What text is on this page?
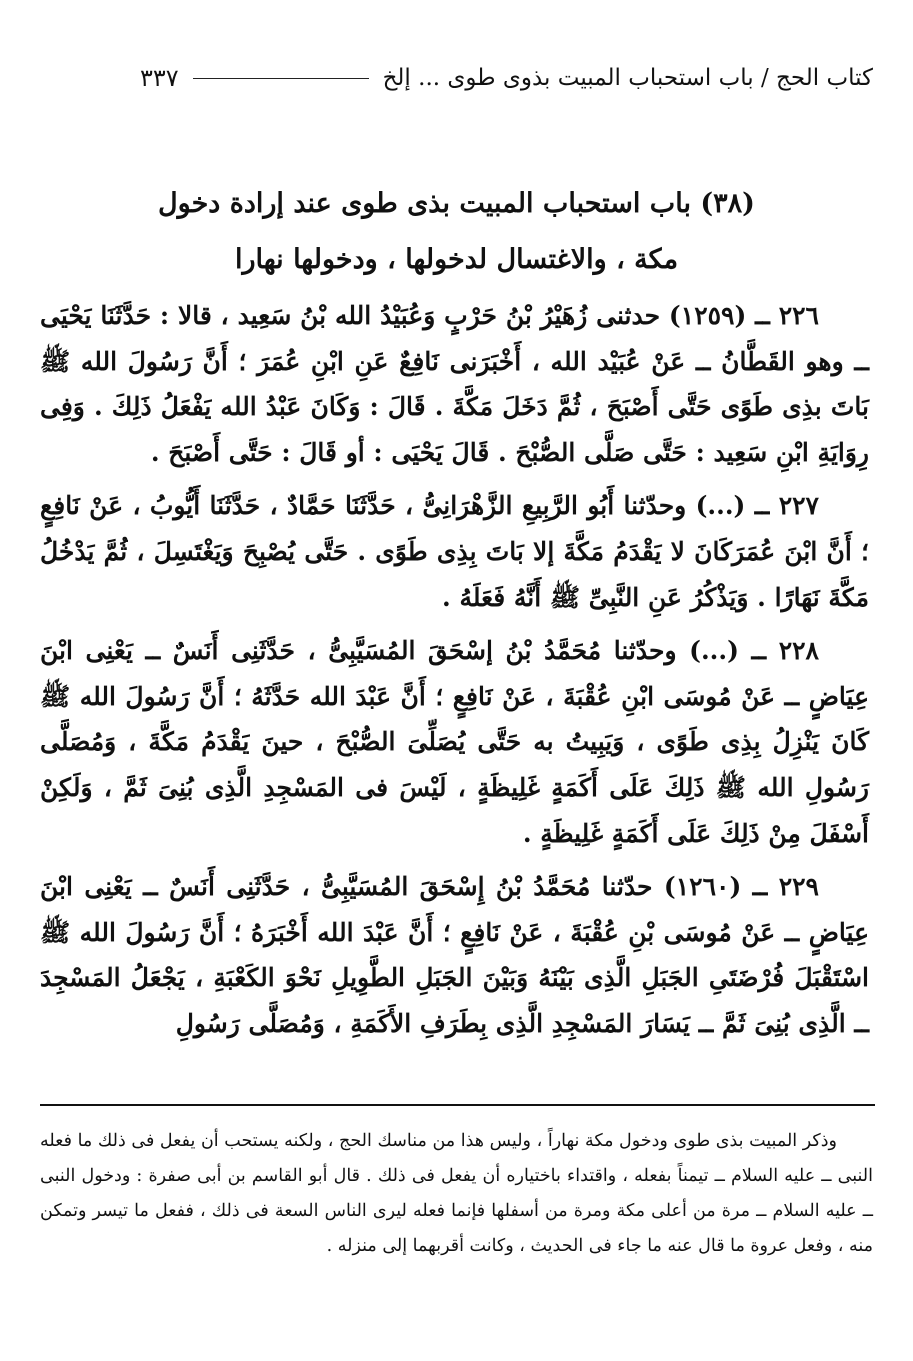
كتاب الحج / باب استحباب المبيت بذوى طوى ... إلخ
٣٣٧
(٣٨) باب استحباب المبيت بذى طوى عند إرادة دخول
مكة ، والاغتسال لدخولها ، ودخولها نهارا

٢٢٦ ــ (١٢٥٩) حدثنى زُهَيْرُ بْنُ حَرْبٍ وَعُبَيْدُ الله بْنُ سَعِيد ، قالا : حَدَّثَنَا يَحْيَى ــ وهو القَطَّانُ ــ عَنْ عُبَيْد الله ، أَخْبَرَنى نَافِعٌ عَنِ ابْنِ عُمَرَ ؛ أَنَّ رَسُولَ الله ﷺ بَاتَ بذِى طَوًى حَتَّى أَصْبَحَ ، ثُمَّ دَخَلَ مَكَّةَ . قَالَ : وَكَانَ عَبْدُ الله يَفْعَلُ ذَلِكَ . وَفِى رِوَايَةِ ابْنِ سَعِيد : حَتَّى صَلَّى الصُّبْحَ . قَالَ يَحْيَى : أو قَالَ : حَتَّى أَصْبَحَ .

٢٢٧ ــ (...) وحدّثنا أَبُو الرَّبِيعِ الزَّهْرَانِىُّ ، حَدَّثَنَا حَمَّادٌ ، حَدَّثَنَا أَيُّوبُ ، عَنْ نَافِعٍ ؛ أَنَّ ابْنَ عُمَرَكَانَ لا يَقْدَمُ مَكَّةَ إلا بَاتَ بِذِى طَوًى . حَتَّى يُصْبِحَ وَيَغْتَسِلَ ، ثُمَّ يَدْخُلُ مَكَّةَ نَهَارًا . وَيَذْكُرُ عَنِ النَّبِىِّ ﷺ أَنَّهُ فَعَلَهُ .

٢٢٨ ــ (...) وحدّثنا مُحَمَّدُ بْنُ إسْحَقَ المُسَيَّبِىُّ ، حَدَّثَنِى أَنَسٌ ــ يَعْنِى ابْنَ عِيَاضٍ ــ عَنْ مُوسَى ابْنِ عُقْبَةَ ، عَنْ نَافِعٍ ؛ أَنَّ عَبْدَ الله حَدَّثَهُ ؛ أَنَّ رَسُولَ الله ﷺ كَانَ يَنْزِلُ بِذِى طَوًى ، وَيَبِيتُ به حَتَّى يُصَلِّىَ الصُّبْحَ ، حينَ يَقْدَمُ مَكَّةَ ، وَمُصَلَّى رَسُولِ الله ﷺ ذَلِكَ عَلَى أَكَمَةٍ غَلِيظَةٍ ، لَيْسَ فى المَسْجِدِ الَّذِى بُنِىَ ثَمَّ ، وَلَكِنْ أَسْفَلَ مِنْ ذَلِكَ عَلَى أَكَمَةٍ غَلِيظَةٍ .

٢٢٩ ــ (١٢٦٠) حدّثنا مُحَمَّدُ بْنُ إِسْحَقَ المُسَيَّبِىُّ ، حَدَّثَنِى أَنَسٌ ــ يَعْنِى ابْنَ عِيَاضٍ ــ عَنْ مُوسَى بْنِ عُقْبَةَ ، عَنْ نَافِعٍ ؛ أَنَّ عَبْدَ الله أَخْبَرَهُ ؛ أَنَّ رَسُولَ الله ﷺ اسْتَقْبَلَ فُرْضَتَىِ الجَبَلِ الَّذِى بَيْنَهُ وَبَيْنَ الجَبَلِ الطَّوِيلِ نَحْوَ الكَعْبَةِ ، يَجْعَلُ المَسْجِدَ ــ الَّذِى بُنِىَ ثَمَّ ــ يَسَارَ المَسْجِدِ الَّذِى بِطَرَفِ الأَكَمَةِ ، وَمُصَلَّى رَسُولِ

وذكر المبيت بذى طوى ودخول مكة نهاراً ، وليس هذا من مناسك الحج ، ولكنه يستحب أن يفعل فى ذلك ما فعله النبى ــ عليه السلام ــ تيمناً بفعله ، واقتداء باختياره أن يفعل فى ذلك . قال أبو القاسم بن أبى صفرة : ودخول النبى ــ عليه السلام ــ مرة من أعلى مكة ومرة من أسفلها فإنما فعله ليرى الناس السعة فى ذلك ، ففعل ما تيسر وتمكن منه ، وفعل عروة ما قال عنه ما جاء فى الحديث ، وكانت أقربهما إلى منزله .
